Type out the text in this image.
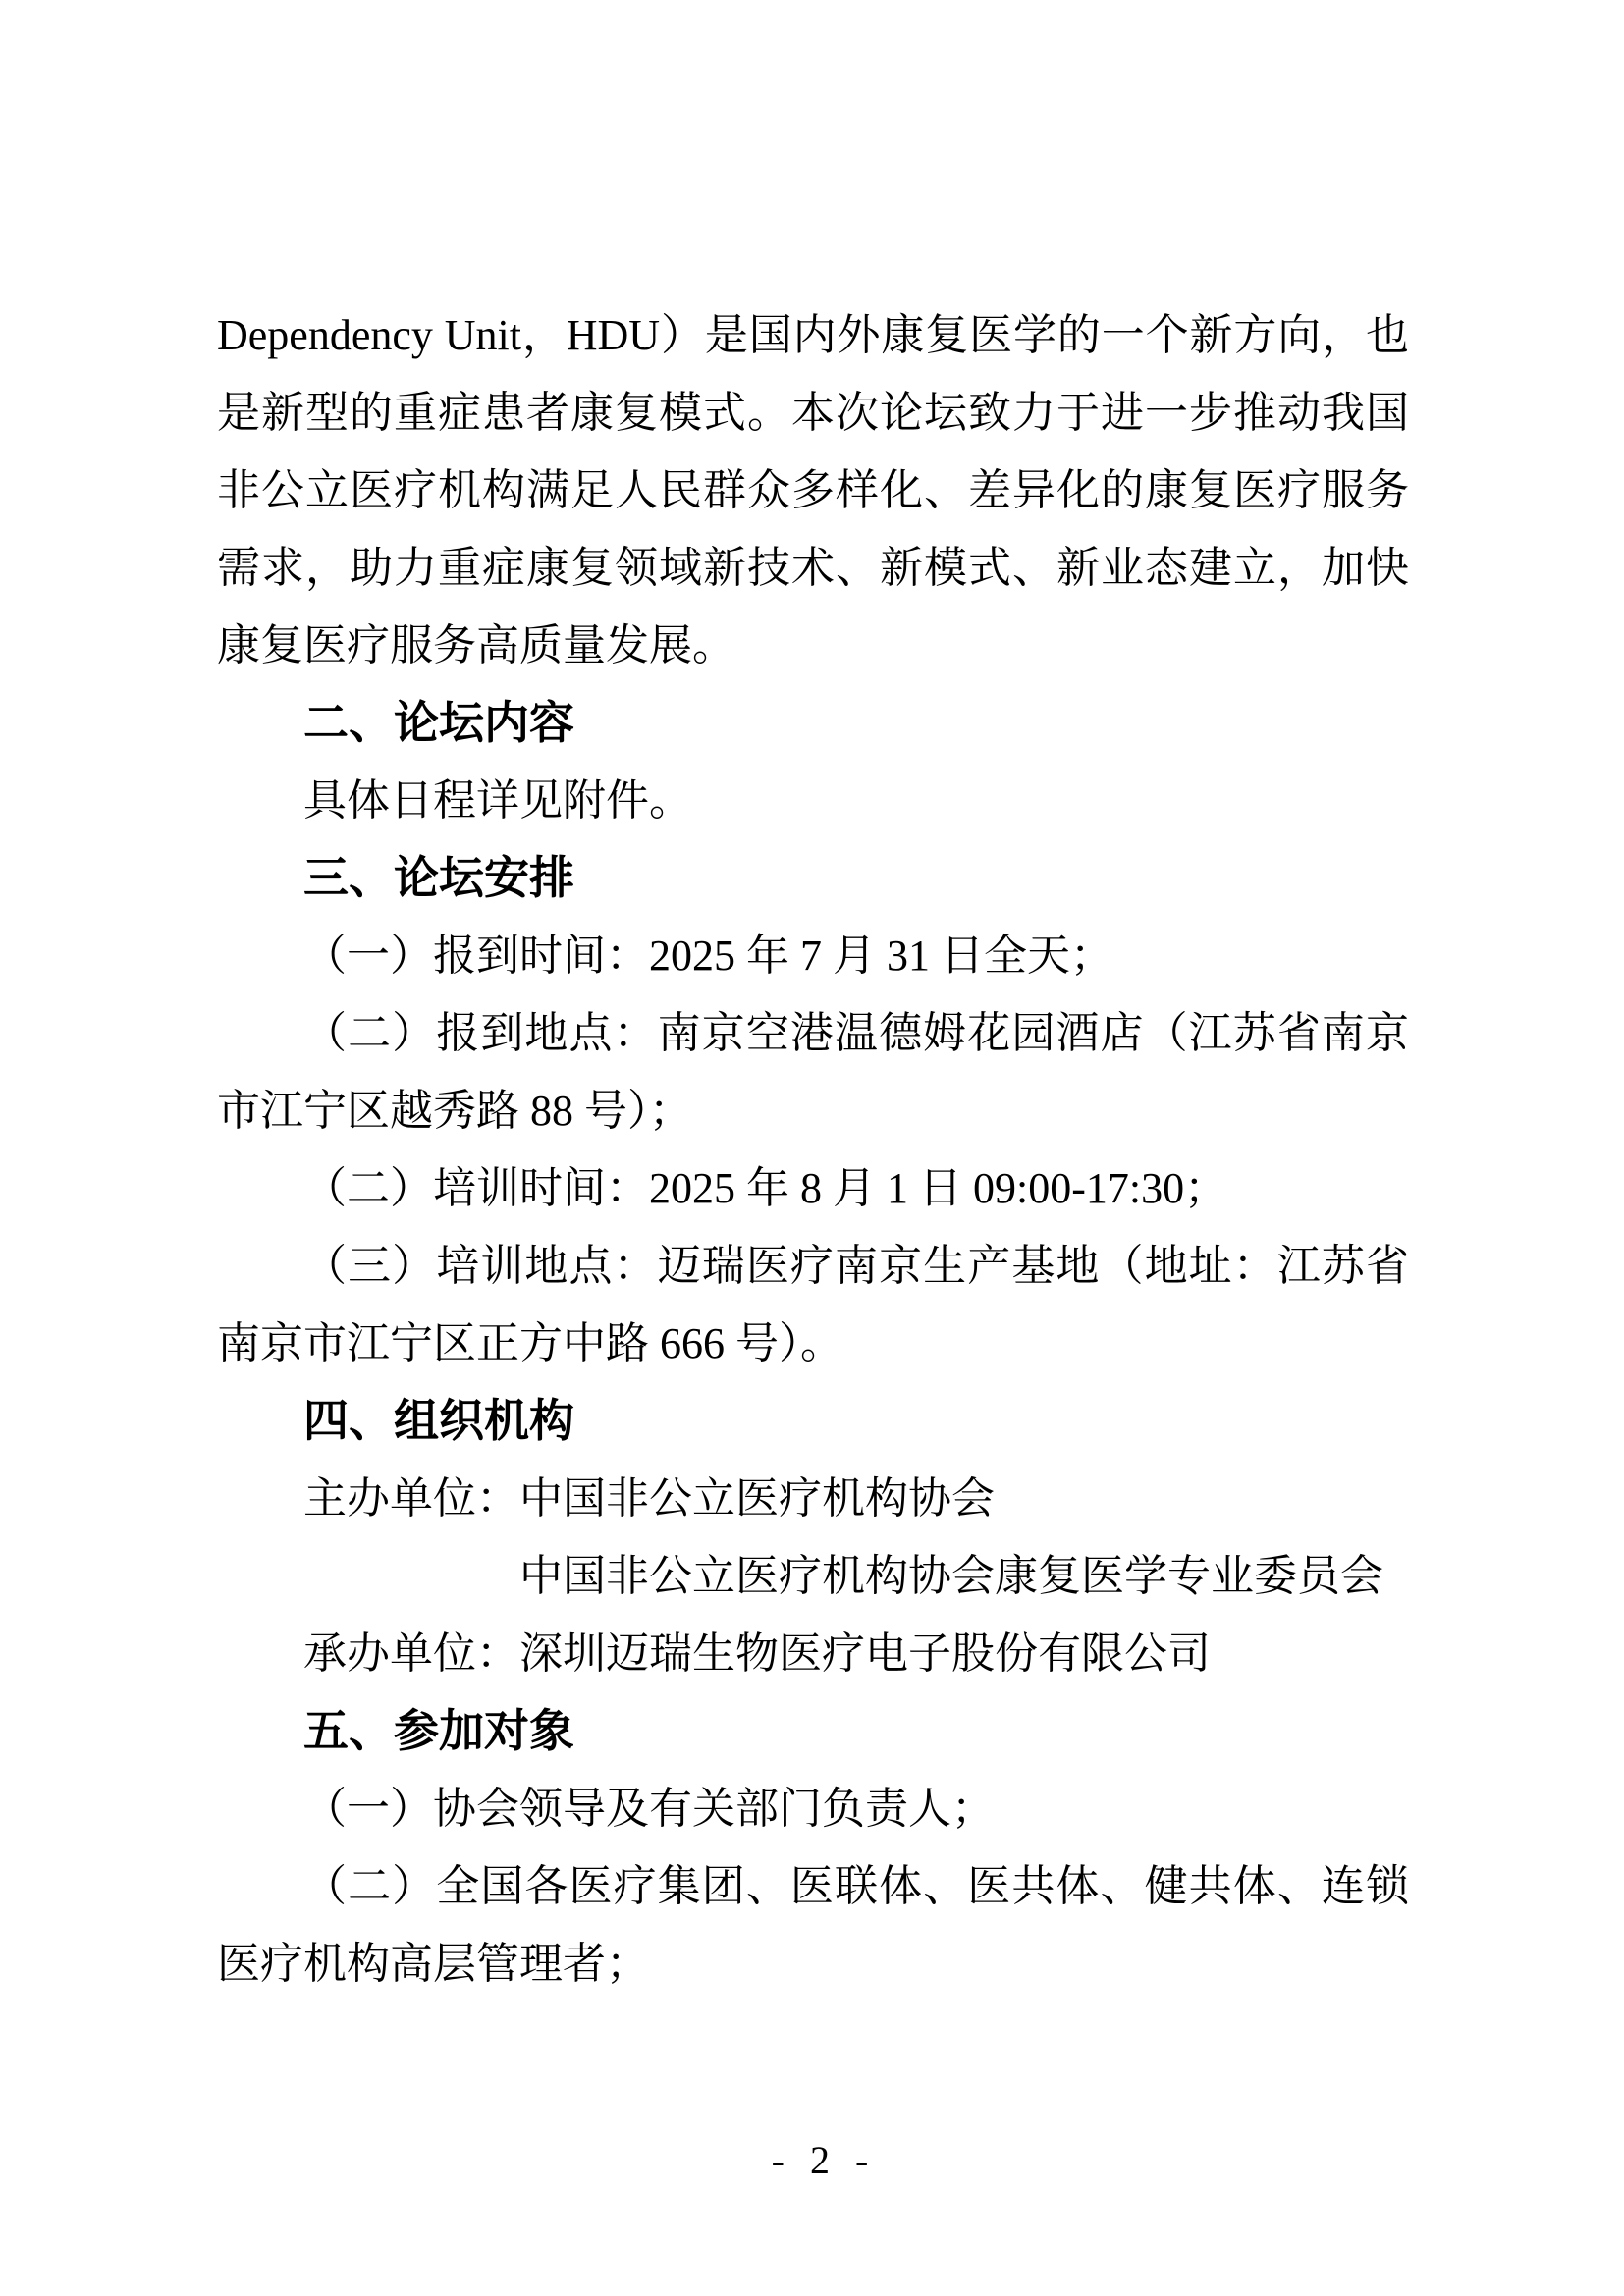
Dependency Unit，HDU）是国内外康复医学的一个新方向，也
是新型的重症患者康复模式。本次论坛致力于进一步推动我国
非公立医疗机构满足人民群众多样化、差异化的康复医疗服务
需求，助力重症康复领域新技术、新模式、新业态建立，加快
康复医疗服务高质量发展。
二、论坛内容
具体日程详见附件。
三、论坛安排
（一）报到时间：2025 年 7 月 31 日全天；
（二）报到地点：南京空港温德姆花园酒店（江苏省南京
市江宁区越秀路 88 号）；
（二）培训时间：2025 年 8 月 1 日 09:00-17:30；
（三）培训地点：迈瑞医疗南京生产基地（地址：江苏省
南京市江宁区正方中路 666 号）。
四、组织机构
主办单位：中国非公立医疗机构协会
中国非公立医疗机构协会康复医学专业委员会
承办单位：深圳迈瑞生物医疗电子股份有限公司
五、参加对象
（一）协会领导及有关部门负责人；
（二）全国各医疗集团、医联体、医共体、健共体、连锁
医疗机构高层管理者；
- 2 -
